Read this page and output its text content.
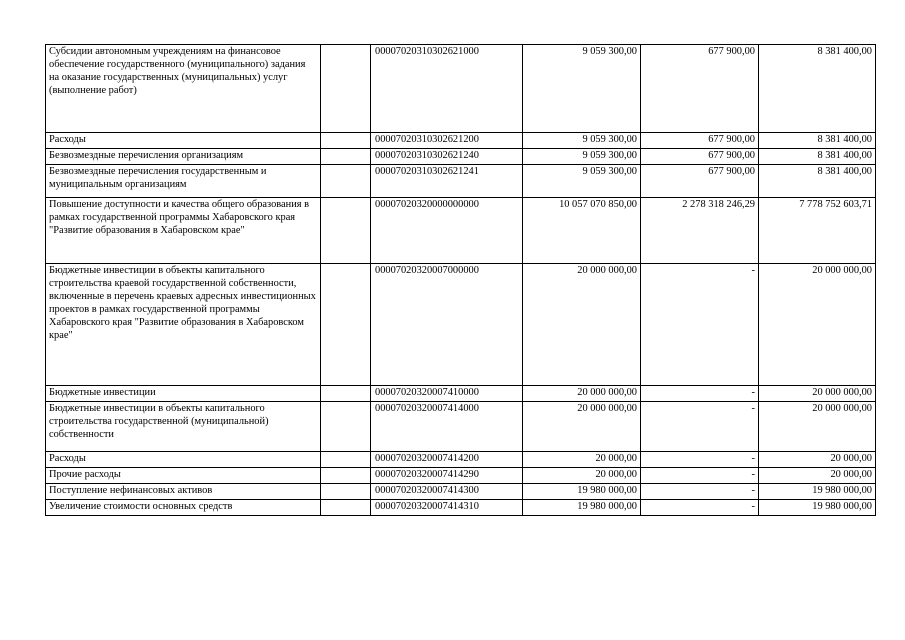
Субсидии автономным учреждениям на финансовое обеспечение государственного (муниципального) задания на оказание государственных (муниципальных) услуг (выполнение работ)		00007020310302621000	9 059 300,00	677 900,00	8 381 400,00
Расходы		00007020310302621200	9 059 300,00	677 900,00	8 381 400,00
Безвозмездные перечисления организациям		00007020310302621240	9 059 300,00	677 900,00	8 381 400,00
Безвозмездные перечисления государственным и муниципальным организациям		00007020310302621241	9 059 300,00	677 900,00	8 381 400,00
Повышение доступности и качества общего образования в рамках государственной программы Хабаровского края "Развитие образования в Хабаровском крае"		00007020320000000000	10 057 070 850,00	2 278 318 246,29	7 778 752 603,71
Бюджетные инвестиции в объекты капитального строительства краевой государственной собственности, включенные в перечень краевых адресных инвестиционных проектов в рамках государственной программы Хабаровского края "Развитие образования в Хабаровском крае"		00007020320007000000	20 000 000,00	-	20 000 000,00
Бюджетные инвестиции		00007020320007410000	20 000 000,00	-	20 000 000,00
Бюджетные инвестиции в объекты капитального строительства государственной (муниципальной) собственности		00007020320007414000	20 000 000,00	-	20 000 000,00
Расходы		00007020320007414200	20 000,00	-	20 000,00
Прочие расходы		00007020320007414290	20 000,00	-	20 000,00
Поступление нефинансовых активов		00007020320007414300	19 980 000,00	-	19 980 000,00
Увеличение стоимости основных средств		00007020320007414310	19 980 000,00	-	19 980 000,00
